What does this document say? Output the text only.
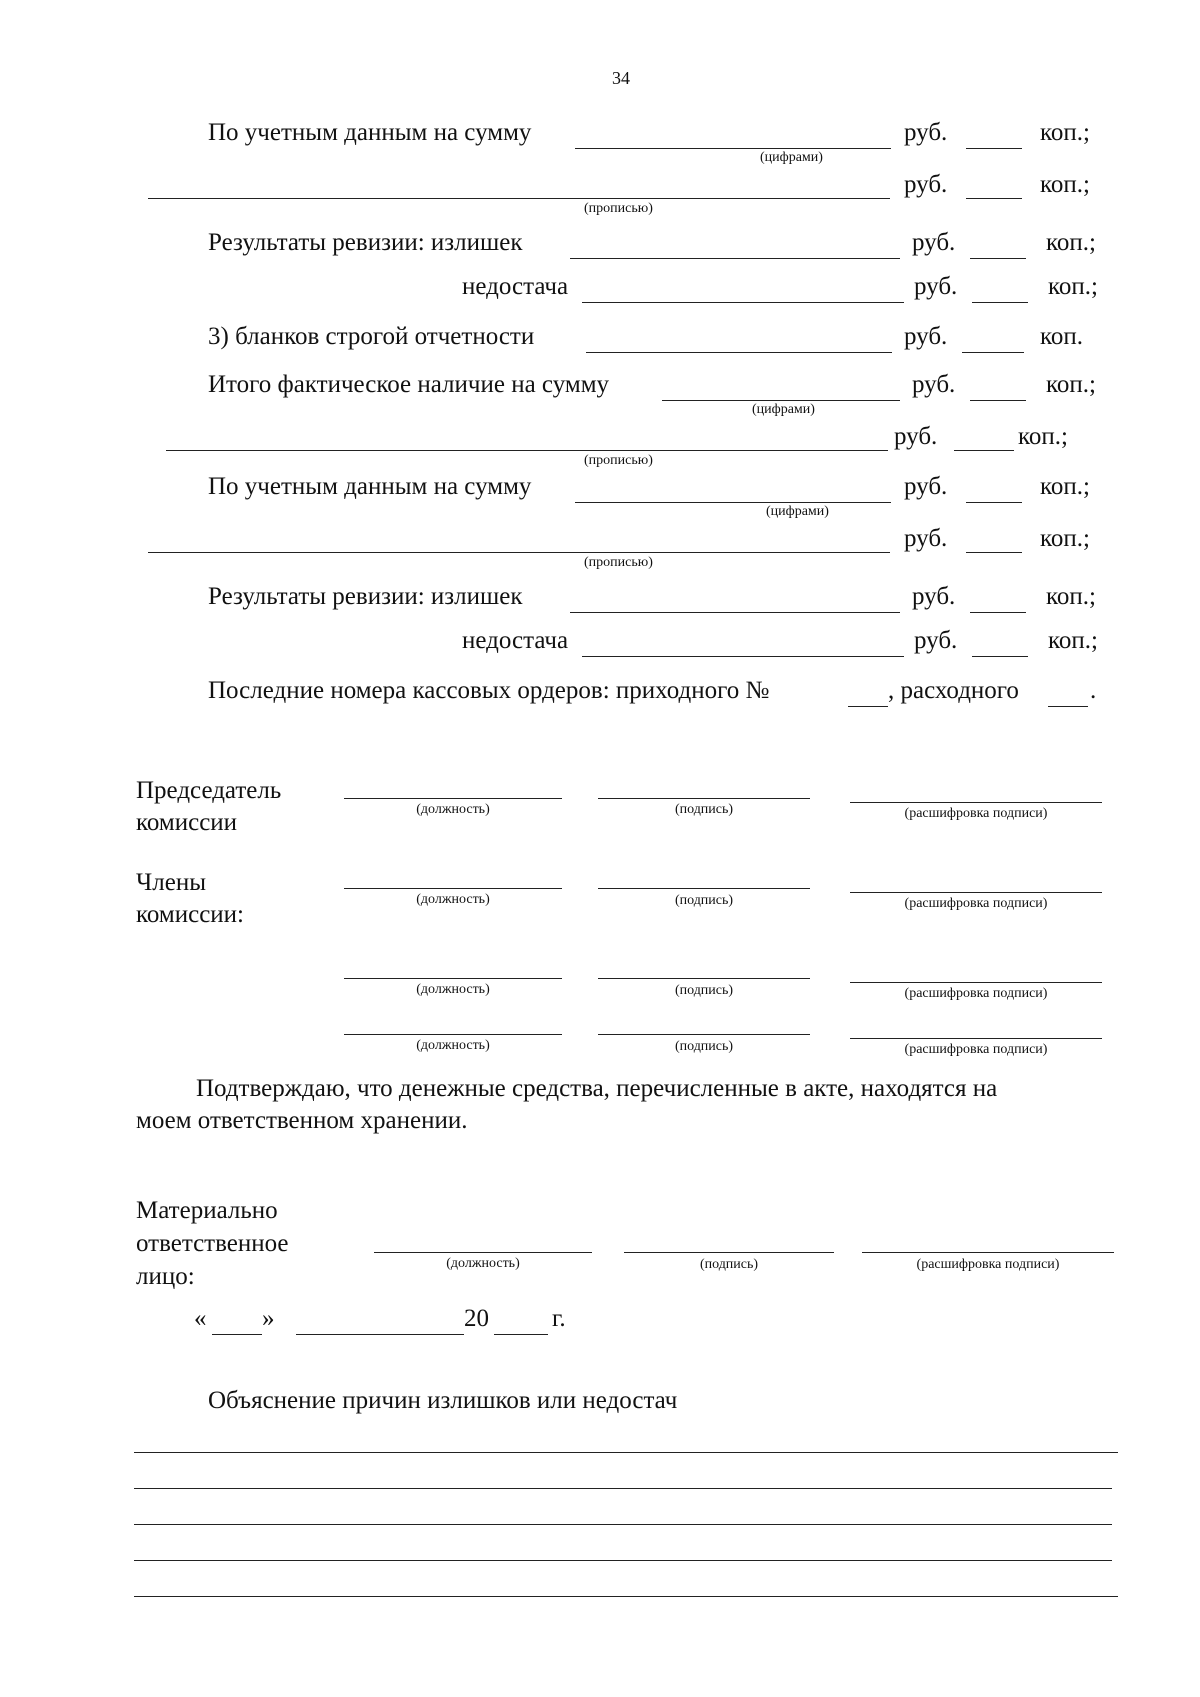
34
По учетным данным на сумму
(цифрами)
руб.	коп.;
(прописью)
руб.	коп.;
Результаты ревизии: излишек	руб.	коп.;
недостача	руб.	коп.;
3) бланков строгой отчетности	руб.	коп.
Итого фактическое наличие на сумму
(цифрами)
руб.	коп.;
(прописью)
руб.	коп.;
По учетным данным на сумму
(цифрами)
руб.	коп.;
(прописью)
руб.	коп.;
Результаты ревизии: излишек	руб.	коп.;
недостача	руб.	коп.;
Последние номера кассовых ордеров: приходного №	, расходного	.
Председатель
комиссии	(должность)	(подпись)	(расшифровка подписи)
Члены
комиссии:
(должность)	(подпись)	(расшифровка подписи)
(должность)	(подпись)	(расшифровка подписи)
(должность)	(подпись)	(расшифровка подписи)
Подтверждаю, что денежные средства, перечисленные в акте, находятся на
моем ответственном хранении.
Материально
ответственное
лицо:	(должность)	(подпись)	(расшифровка подписи)
« »	20	г.
Объяснение причин излишков или недостач
